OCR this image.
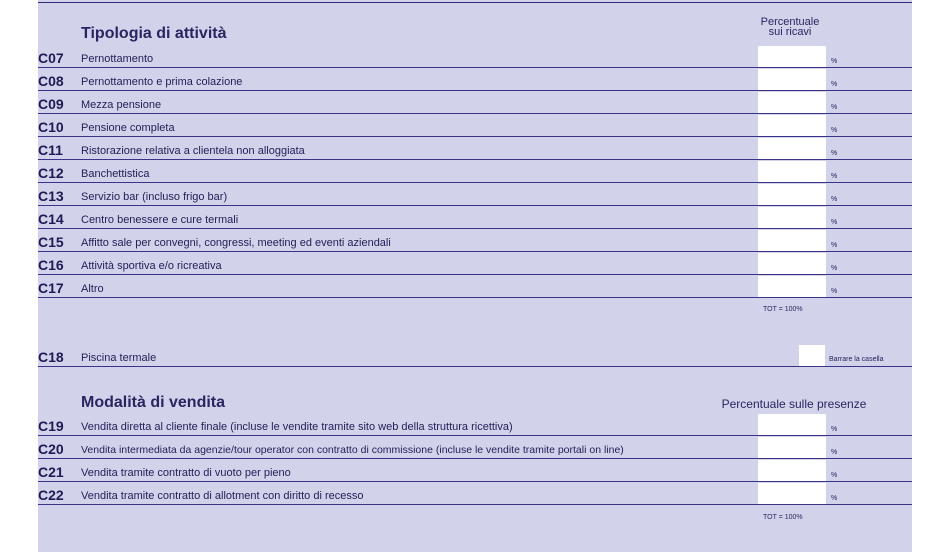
Tipologia di attività
Percentuale
sui ricavi
C07 Pernottamento	%
C08 Pernottamento e prima colazione	%
C09 Mezza pensione	%
C10 Pensione completa	%
C11 Ristorazione relativa a clientela non alloggiata	%
C12 Banchettistica	%
C13 Servizio bar (incluso frigo bar)	%
C14 Centro benessere e cure termali	%
C15 Affitto sale per convegni, congressi, meeting ed eventi aziendali	%
C16 Attività sportiva e/o ricreativa	%
C17 Altro	%
TOT = 100%
C18 Piscina termale	Barrare la casella
Modalità di vendita	Percentuale sulle presenze
C19 Vendita diretta al cliente finale (incluse le vendite tramite sito web della struttura ricettiva)	%
C20 Vendita intermediata da agenzie/tour operator con contratto di commissione (incluse le vendite tramite portali on line)	%
C21 Vendita tramite contratto di vuoto per pieno	%
C22 Vendita tramite contratto di allotment con diritto di recesso	%
TOT = 100%
